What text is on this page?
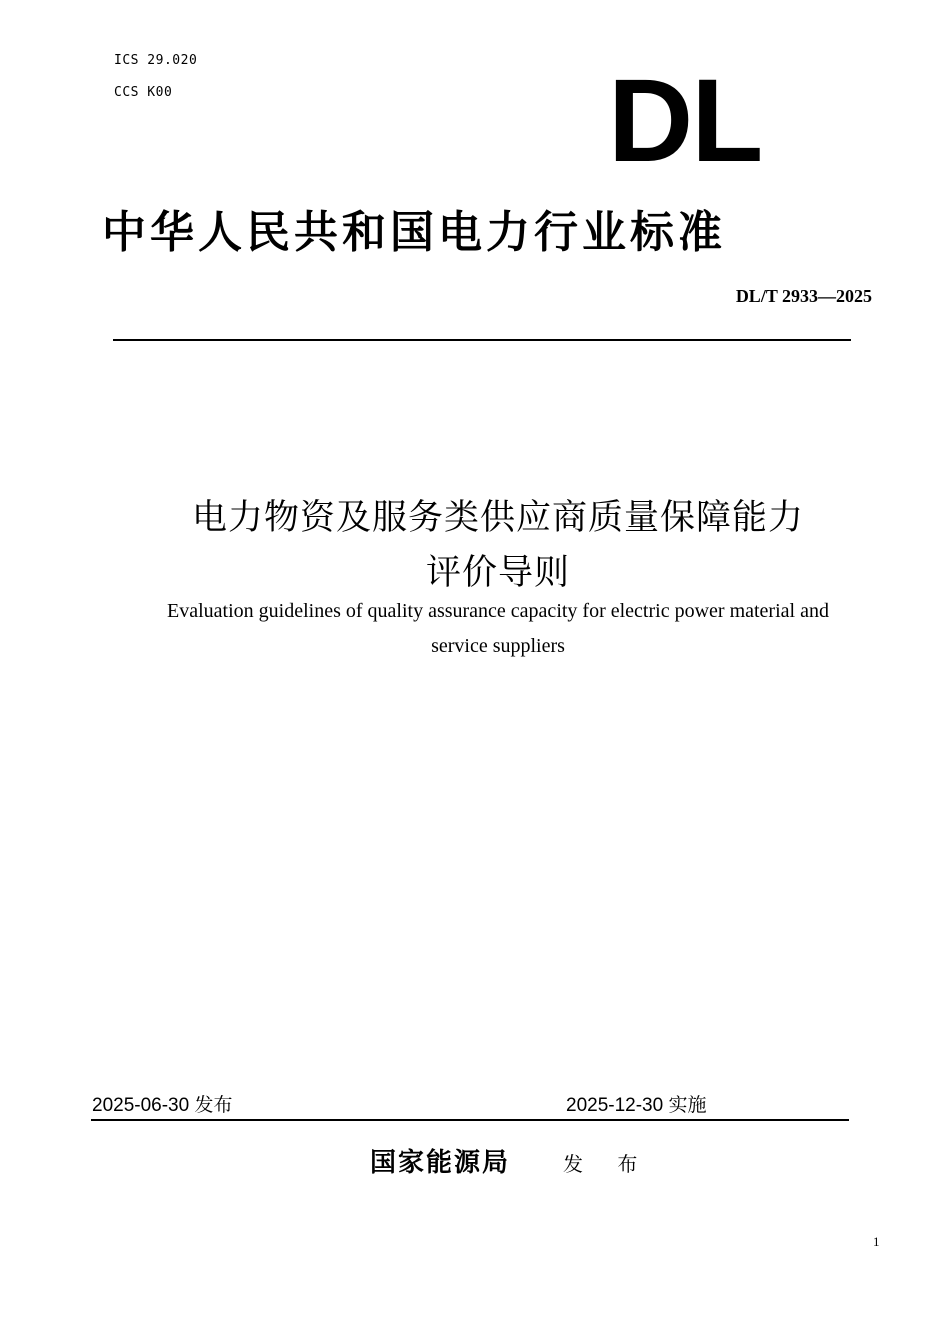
ICS 29.020
CCS K00	DL
中华人民共和国电力行业标准
DL/T 2933—2025
电力物资及服务类供应商质量保障能力
评价导则
Evaluation guidelines of quality assurance capacity for electric power material and
service suppliers
2025-06-30 发布	2025-12-30 实施
国家能源局	发 布
1
